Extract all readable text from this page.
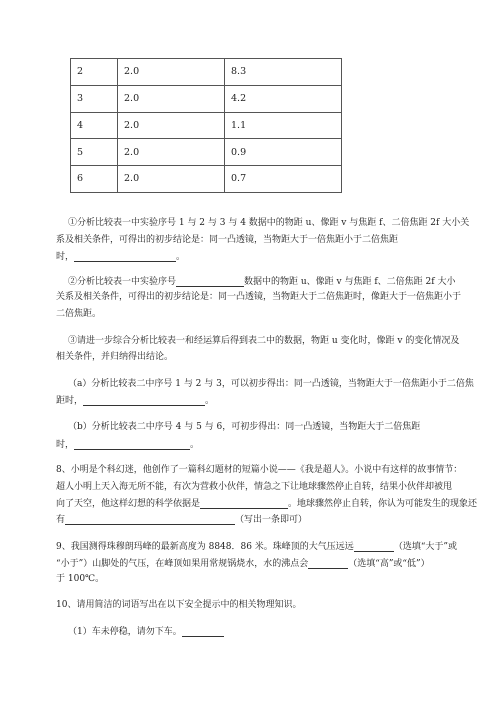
2	2.0	8.3
3	2.0	4.2
4	2.0	1.1
5	2.0	0.9
6	2.0	0.7
①分析比较表一中实验序号 1 与 2 与 3 与 4 数据中的物距 u、像距 v 与焦距 f、二倍焦距 2f 大小关
系及相关条件，可得出的初步结论是：同一凸透镜，当物距大于一倍焦距小于二倍焦距
时，	。
②分析比较表一中实验序号	数据中的物距 u、像距 v 与焦距 f、二倍焦距 2f 大小
关系及相关条件，可得出的初步结论是：同一凸透镜，当物距大于二倍焦距时，像距大于一倍焦距小于
二倍焦距。
③请进一步综合分析比较表一和经运算后得到表二中的数据，物距 u 变化时，像距 v 的变化情况及
相关条件，并归纳得出结论。
（a）分析比较表二中序号 1 与 2 与 3，可以初步得出：同一凸透镜，当物距大于一倍焦距小于二倍焦
距时，	。
（b）分析比较表二中序号 4 与 5 与 6，可初步得出：同一凸透镜，当物距大于二倍焦距
时，	。
8、小明是个科幻迷，他创作了一篇科幻题材的短篇小说——《我是超人》。小说中有这样的故事情节：
超人小明上天入海无所不能，有次为营救小伙伴，情急之下让地球骤然停止自转，结果小伙伴却被甩
向了天空，他这样幻想的科学依据是	。地球骤然停止自转，你认为可能发生的现象还
有	（写出一条即可）
9、我国测得珠穆朗玛峰的最新高度为 8848．86 米。珠峰顶的大气压远远	（选填“大于”或
“小于”）山脚处的气压，在峰顶如果用常规锅烧水，水的沸点会	（选填“高”或“低”）
于 100℃。
10、请用简洁的词语写出在以下安全提示中的相关物理知识。
（1）车未停稳，请勿下车。
